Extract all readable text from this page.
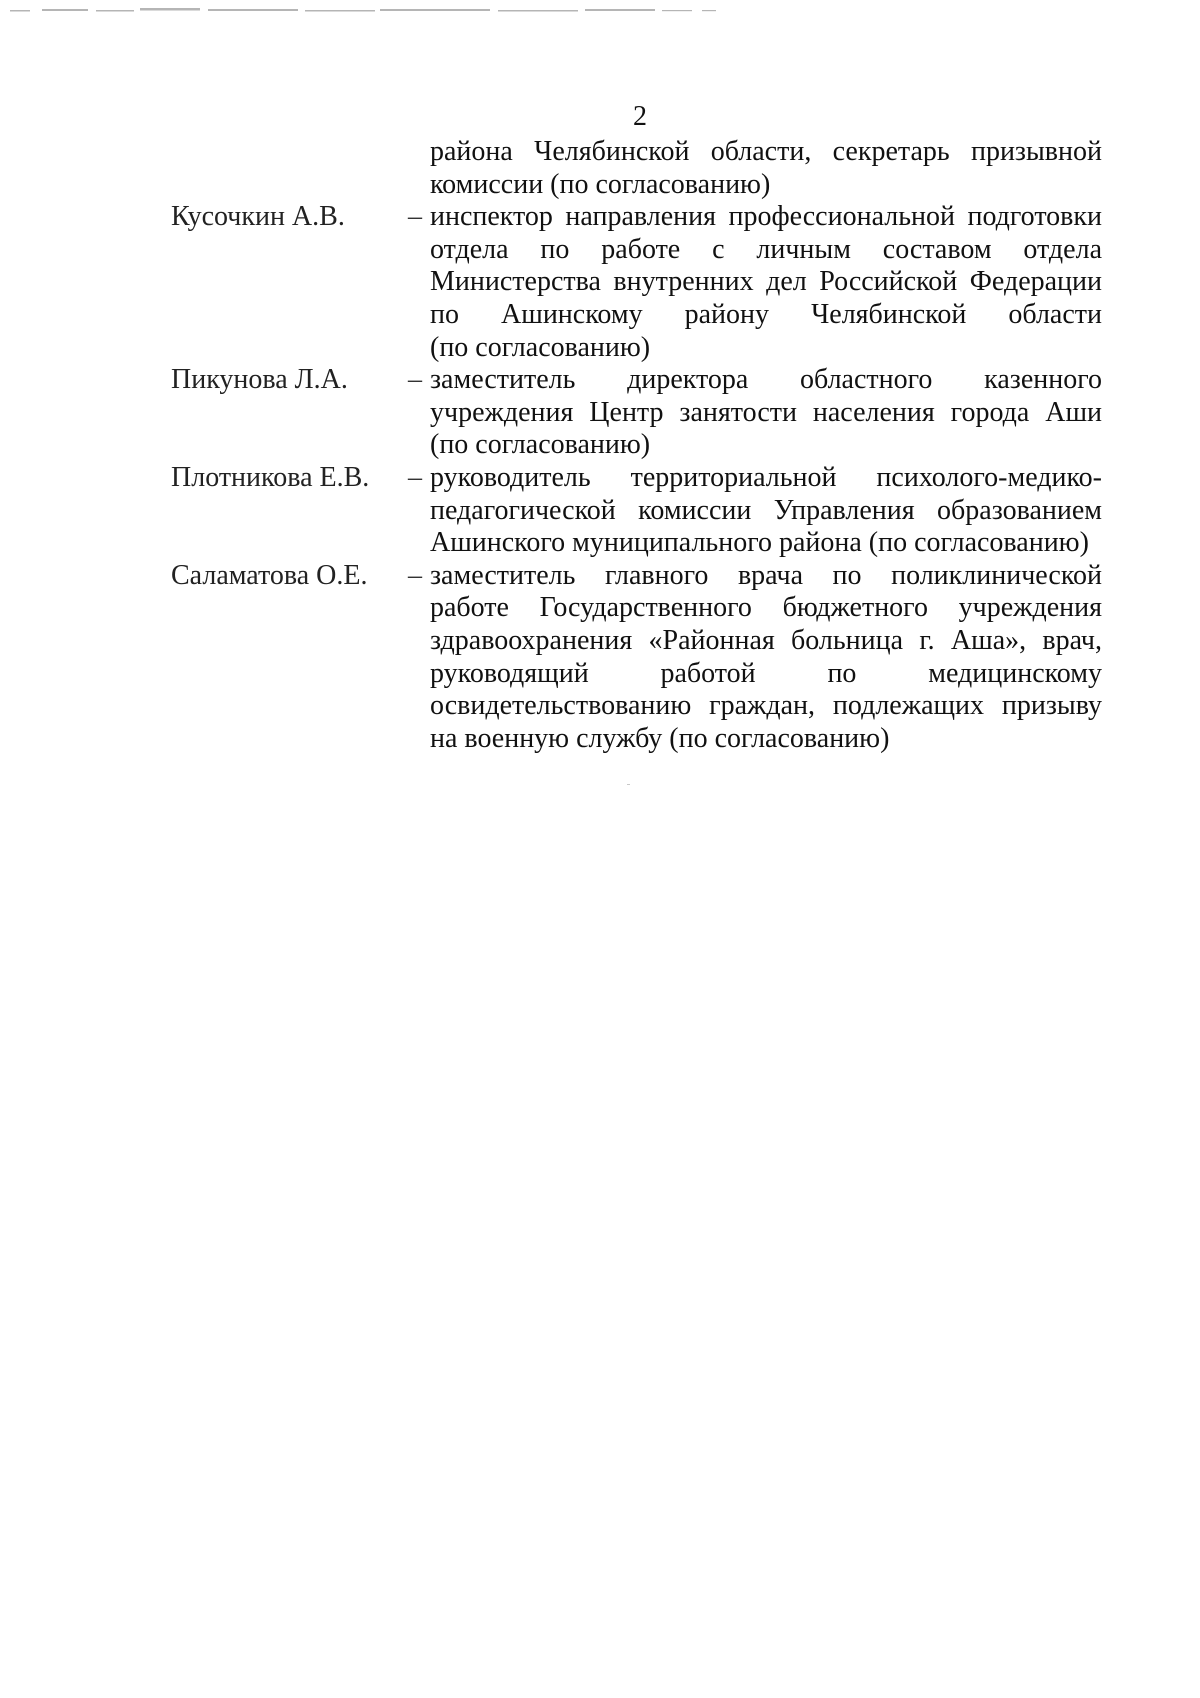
2
района Челябинской области, секретарь призывной
комиссии (по согласованию)
Кусочкин А.В.	– инспектор направления профессиональной подготовки
отдела по работе с личным составом отдела
Министерства внутренних дел Российской Федерации
по Ашинскому району Челябинской области
(по согласованию)
Пикунова Л.А.	– заместитель директора областного казенного
учреждения Центр занятости населения города Аши
(по согласованию)
Плотникова Е.В.	– руководитель территориальной психолого-медико-
педагогической комиссии Управления образованием
Ашинского муниципального района (по согласованию)
Саламатова О.Е.	– заместитель главного врача по поликлинической
работе Государственного бюджетного учреждения
здравоохранения «Районная больница г. Аша», врач,
руководящий работой по медицинскому
освидетельствованию граждан, подлежащих призыву
на военную службу (по согласованию)
